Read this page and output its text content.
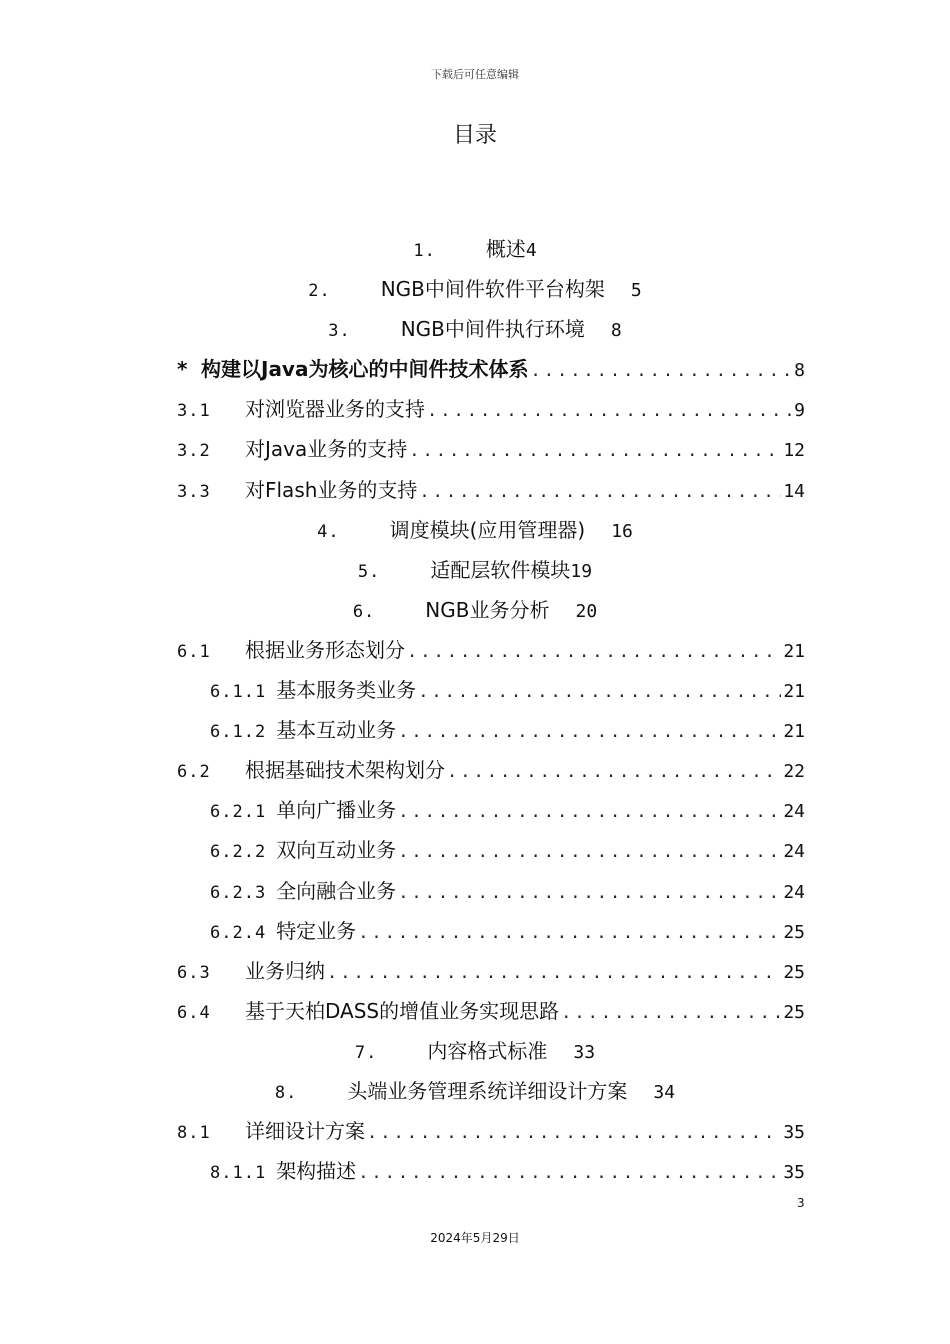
下载后可任意编辑
目录
1.	概述4
2.	NGB中间件软件平台构架 5
3.	NGB中间件执行环境 8
* 构建以Java为核心的中间件技术体系 .....	8
3.1	对浏览器业务的支持 .....	9
3.2	对Java业务的支持 .....	12
3.3	对Flash业务的支持 .....	14
4.	调度模块(应用管理器) 16
5.	适配层软件模块19
6.	NGB业务分析 20
6.1	根据业务形态划分 .....	21
6.1.1 基本服务类业务 .....	21
6.1.2 基本互动业务 .....	21
6.2	根据基础技术架构划分 .....	22
6.2.1 单向广播业务 .....	24
6.2.2 双向互动业务 .....	24
6.2.3 全向融合业务 .....	24
6.2.4 特定业务 .....	25
6.3	业务归纳 .....	25
6.4	基于天柏DASS的增值业务实现思路 .....	25
7.	内容格式标准 33
8.	头端业务管理系统详细设计方案 34
8.1	详细设计方案 .....	35
8.1.1 架构描述 .....	35
3
2024年5月29日
